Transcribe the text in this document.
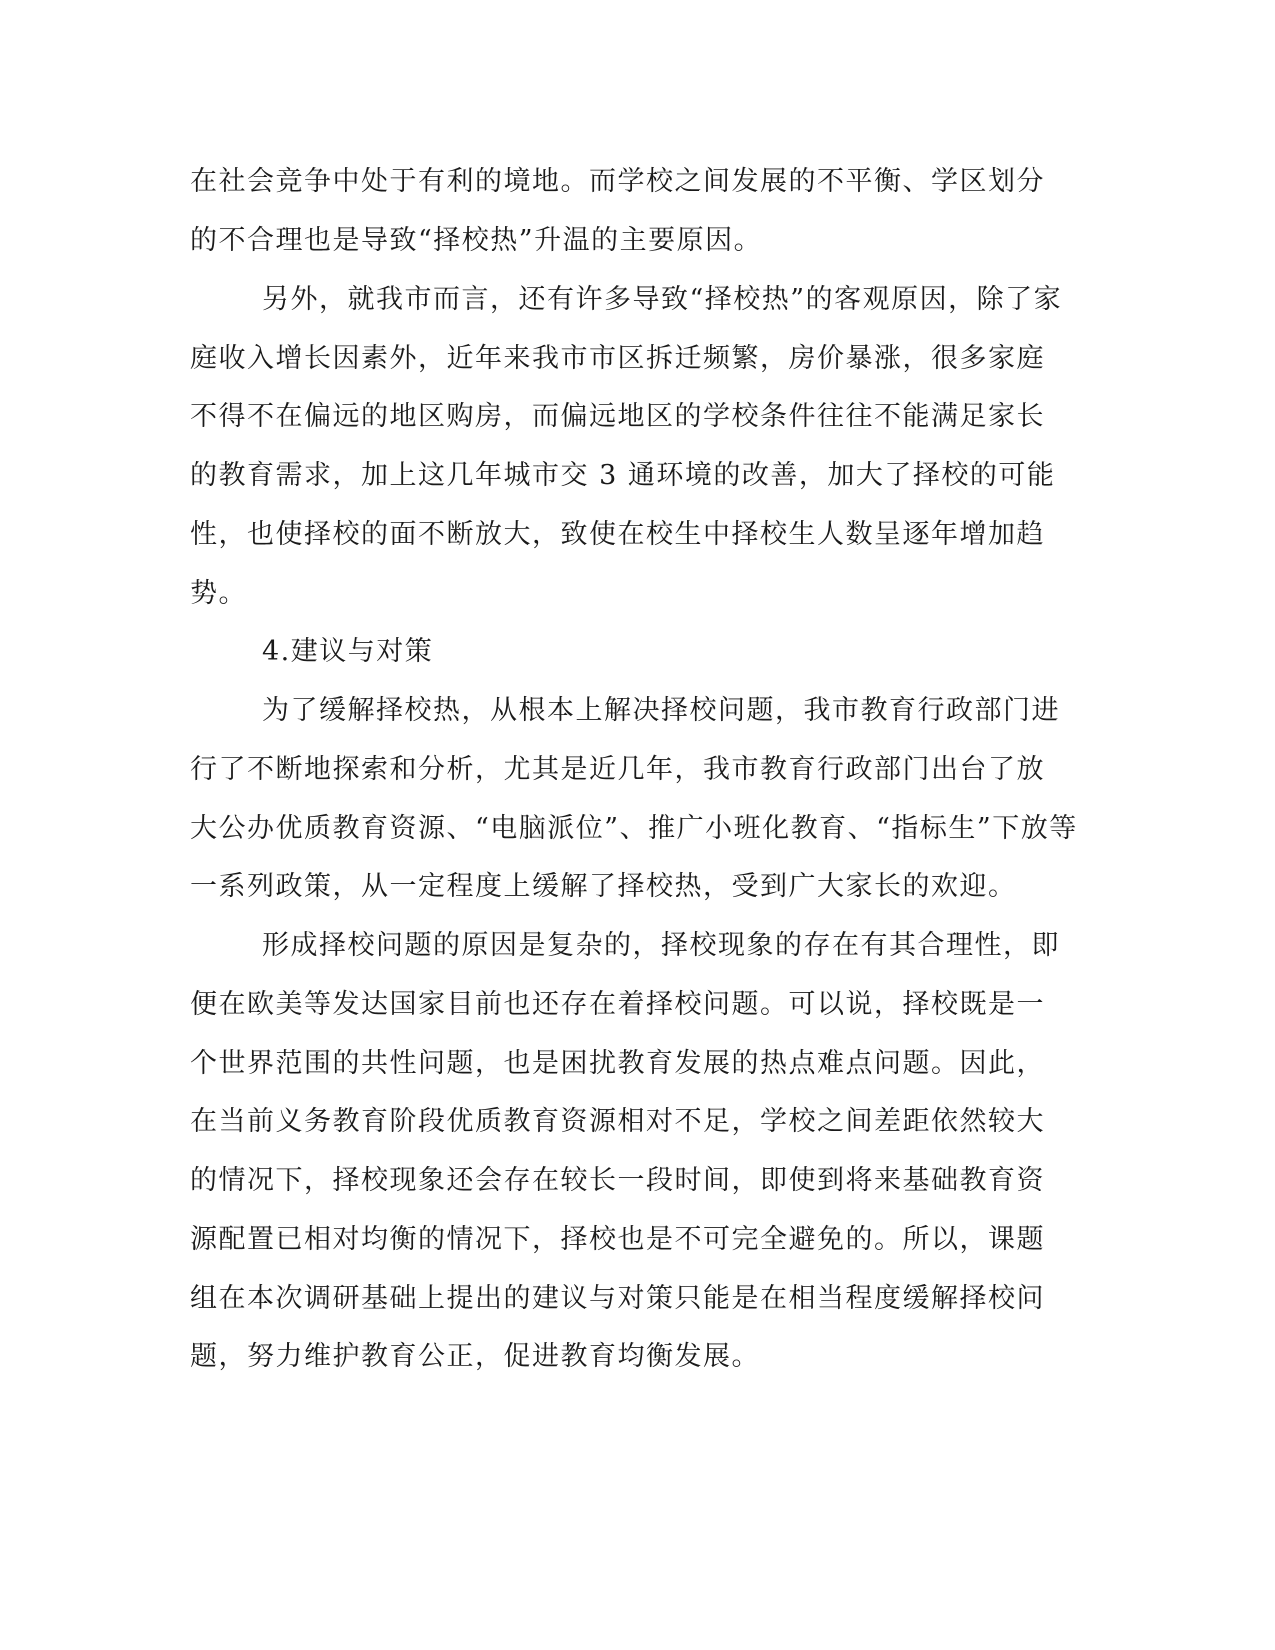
在社会竞争中处于有利的境地。而学校之间发展的不平衡、学区划分
的不合理也是导致“择校热”升温的主要原因。
另外，就我市而言，还有许多导致“择校热”的客观原因，除了家
庭收入增长因素外，近年来我市市区拆迁频繁，房价暴涨，很多家庭
不得不在偏远的地区购房，而偏远地区的学校条件往往不能满足家长
的教育需求，加上这几年城市交 3 通环境的改善，加大了择校的可能
性，也使择校的面不断放大，致使在校生中择校生人数呈逐年增加趋
势。
4.建议与对策
为了缓解择校热，从根本上解决择校问题，我市教育行政部门进
行了不断地探索和分析，尤其是近几年，我市教育行政部门出台了放
大公办优质教育资源、“电脑派位”、推广小班化教育、“指标生”下放等
一系列政策，从一定程度上缓解了择校热，受到广大家长的欢迎。
形成择校问题的原因是复杂的，择校现象的存在有其合理性，即
便在欧美等发达国家目前也还存在着择校问题。可以说，择校既是一
个世界范围的共性问题，也是困扰教育发展的热点难点问题。因此，
在当前义务教育阶段优质教育资源相对不足，学校之间差距依然较大
的情况下，择校现象还会存在较长一段时间，即使到将来基础教育资
源配置已相对均衡的情况下，择校也是不可完全避免的。所以，课题
组在本次调研基础上提出的建议与对策只能是在相当程度缓解择校问
题，努力维护教育公正，促进教育均衡发展。
